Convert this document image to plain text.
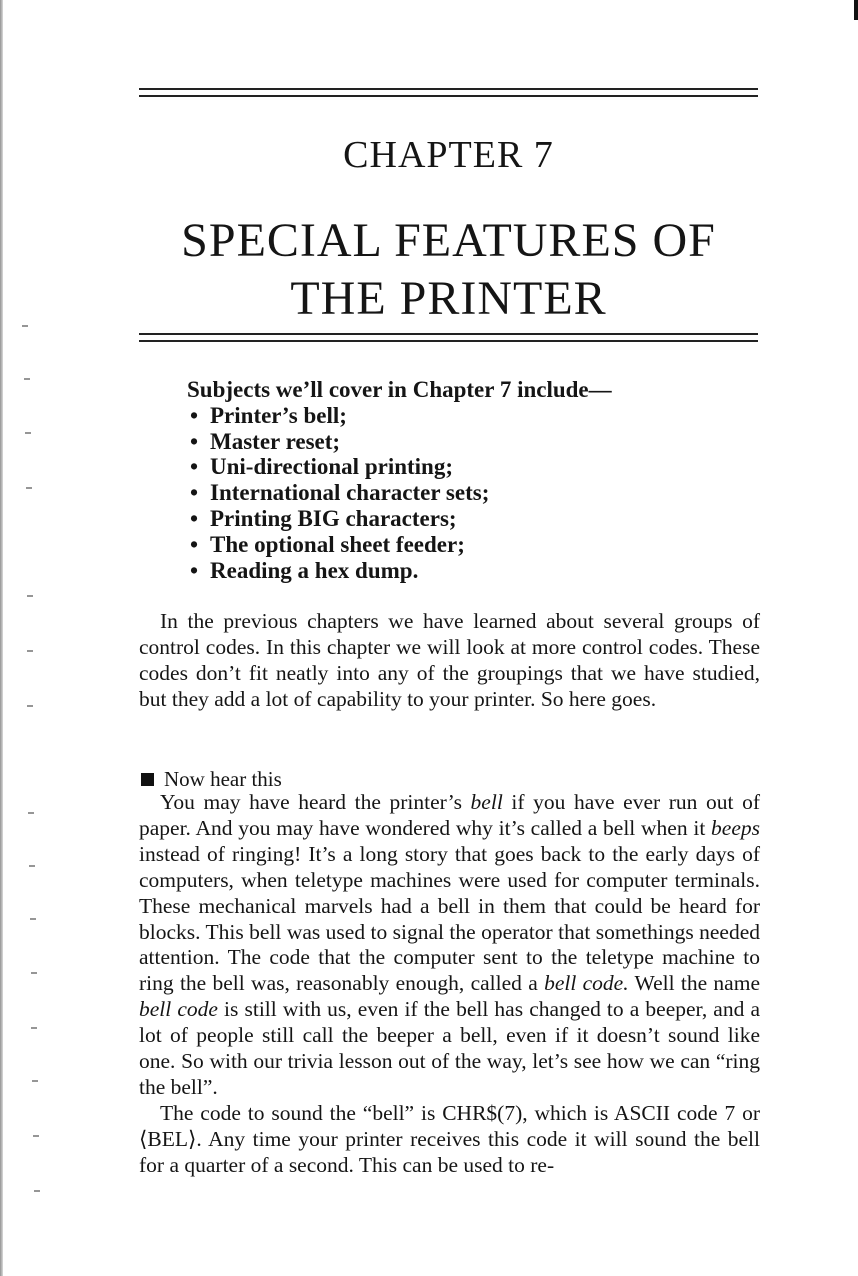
CHAPTER 7
SPECIAL FEATURES OF
THE PRINTER
Subjects we’ll cover in Chapter 7 include—
• Printer’s bell;
• Master reset;
• Uni-directional printing;
• International character sets;
• Printing BIG characters;
• The optional sheet feeder;
• Reading a hex dump.

In the previous chapters we have learned about several groups of control codes. In this chapter we will look at more control codes. These codes don’t fit neatly into any of the groupings that we have studied, but they add a lot of capability to your printer. So here goes.

Now hear this

You may have heard the printer’s bell if you have ever run out of paper. And you may have wondered why it’s called a bell when it beeps instead of ringing! It’s a long story that goes back to the early days of computers, when teletype machines were used for computer terminals. These mechanical marvels had a bell in them that could be heard for blocks. This bell was used to signal the operator that somethings needed attention. The code that the computer sent to the teletype machine to ring the bell was, reasonably enough, called a bell code. Well the name bell code is still with us, even if the bell has changed to a beeper, and a lot of people still call the beeper a bell, even if it doesn’t sound like one. So with our trivia lesson out of the way, let’s see how we can “ring the bell”.

The code to sound the “bell” is CHR$(7), which is ASCII code 7 or ⟨BEL⟩. Any time your printer receives this code it will sound the bell for a quarter of a second. This can be used to re-
